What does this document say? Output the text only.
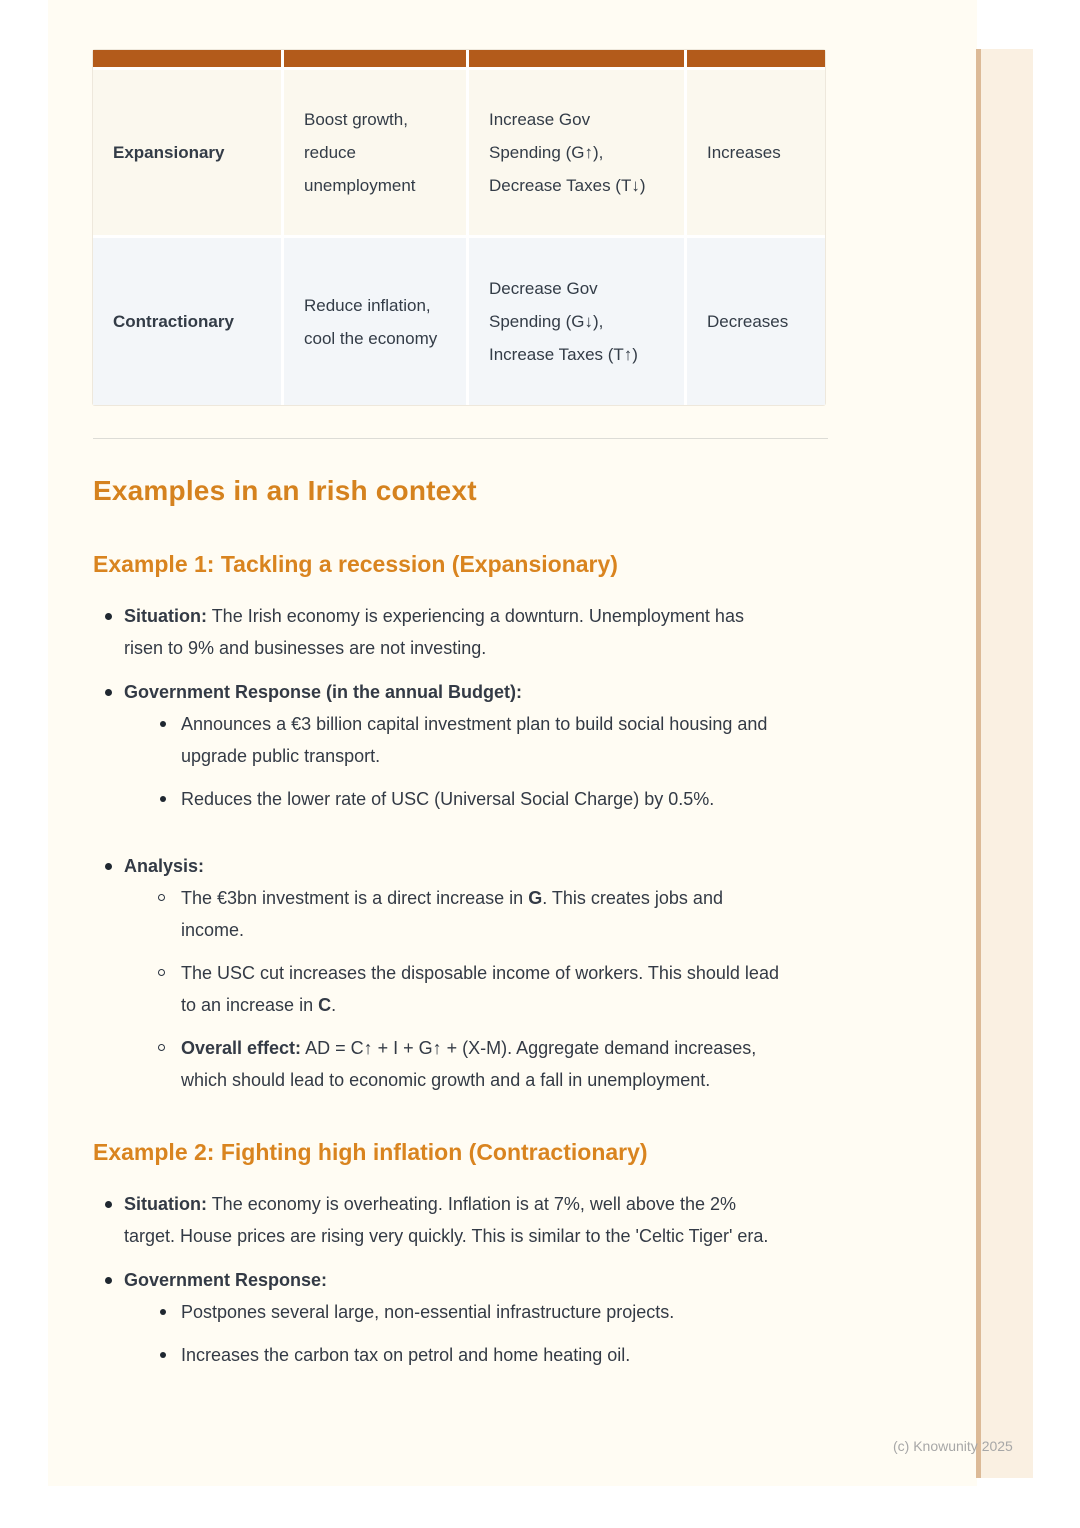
Expansionary
Boost growth, reduce unemployment
Increase Gov Spending (G↑), Decrease Taxes (T↓)
Increases
Contractionary
Reduce inflation, cool the economy
Decrease Gov Spending (G↓), Increase Taxes (T↑)
Decreases
Examples in an Irish context
Example 1: Tackling a recession (Expansionary)
Situation: The Irish economy is experiencing a downturn. Unemployment has risen to 9% and businesses are not investing.
Government Response (in the annual Budget):
Announces a €3 billion capital investment plan to build social housing and upgrade public transport.
Reduces the lower rate of USC (Universal Social Charge) by 0.5%.
Analysis:
The €3bn investment is a direct increase in G. This creates jobs and income.
The USC cut increases the disposable income of workers. This should lead to an increase in C.
Overall effect: AD = C↑ + I + G↑ + (X-M). Aggregate demand increases, which should lead to economic growth and a fall in unemployment.
Example 2: Fighting high inflation (Contractionary)
Situation: The economy is overheating. Inflation is at 7%, well above the 2% target. House prices are rising very quickly. This is similar to the 'Celtic Tiger' era.
Government Response:
Postpones several large, non-essential infrastructure projects.
Increases the carbon tax on petrol and home heating oil.
(c) Knowunity 2025
